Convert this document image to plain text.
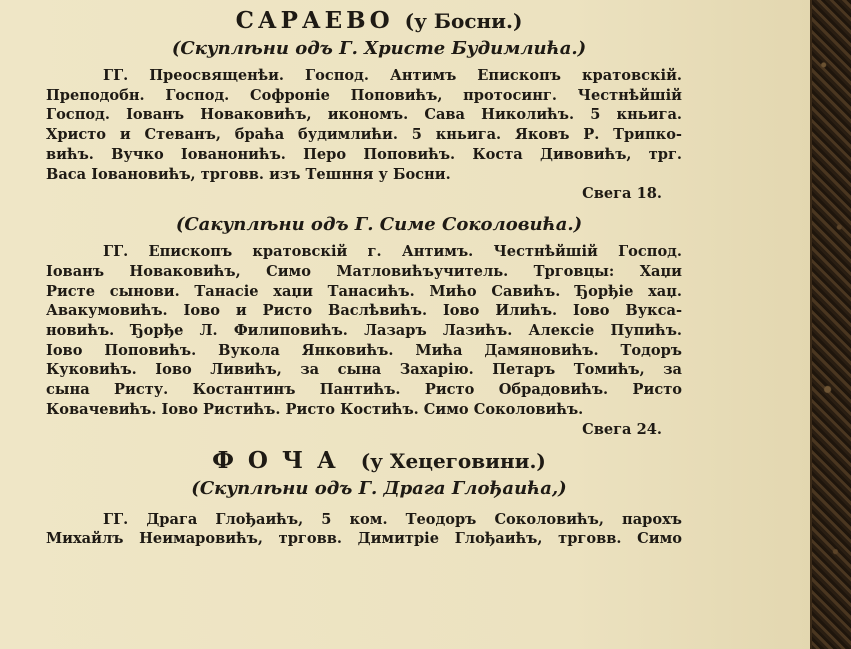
САРАЕВО (у Босни.)
(Скуплѣни одъ Г. Христе Будимлића.)
ГГ. Преосвященѣи. Господ. Антимъ Епископъ кратовскій.
Преподобн. Господ. Софроніе Поповићъ, протосинг. Честнѣйшій
Господ. Іованъ Новаковићъ, икономъ. Сава Николићъ. 5 кньига.
Христо и Стеванъ, браћа будимлићи. 5 кньига. Яковъ Р. Трипко-
вићъ. Вучко Іованонићъ. Перо Поповићъ. Коста Дивовићъ, трг.
Васа Іовановићъ, трговв. изъ Тешння у Босни.
Свега 18.
(Сакуплѣни одъ Г. Симе Соколовића.)
ГГ. Епископъ кратовскій г. Антимъ. Честнѣйшій Господ.
Іованъ Новаковићъ, Симо Матловићъучитель. Трговцы: Хаџи
Ристе сынови. Танасіе хаџи Танасићъ. Мићо Савићъ. Ђорђіе хаџ.
Авакумовићъ. Іово и Ристо Васлѣвићъ. Іово Илићъ. Іово Вукса-
новићъ. Ђорђе Л. Филиповићъ. Лазаръ Лазићъ. Алексіе Пупићъ.
Іово Поповићъ. Вукола Янковићъ. Мића Дамяновићъ. Тодоръ
Куковићъ. Іово Ливићъ, за сына Захарію. Петаръ Томићъ, за
сына Ристу. Костантинъ Пантићъ. Ристо Обрадовићъ. Ристо
Ковачевићъ. Іово Ристићъ. Ристо Костићъ. Симо Соколовићъ.
Свега 24.
ФОЧА (у Хецеговини.)
(Скуплѣни одъ Г. Драга Глођаића,)
ГГ. Драга Глођаићъ, 5 ком. Теодоръ Соколовићъ, парохъ
Михайлъ Неимаровићъ, трговв. Димитріе Глођаићъ, трговв. Симо
